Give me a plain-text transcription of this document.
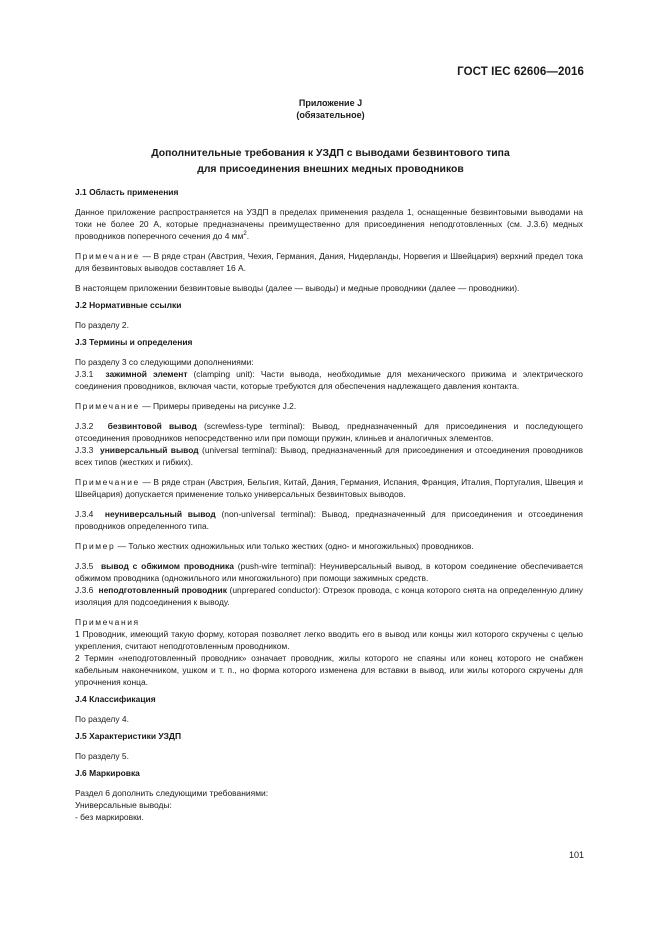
ГОСТ IEC 62606—2016
Приложение J
(обязательное)
Дополнительные требования к УЗДП с выводами безвинтового типа
для присоединения внешних медных проводников

J.1 Область применения

Данное приложение распространяется на УЗДП в пределах применения раздела 1, оснащенные безвинтовыми выводами на токи не более 20 А, которые предназначены преимущественно для присоединения неподготовленных (см. J.3.6) медных проводников поперечного сечения до 4 $мм^2$.

Примечание — В ряде стран (Австрия, Чехия, Германия, Дания, Нидерланды, Норвегия и Швейцария) верхний предел тока для безвинтовых выводов составляет 16 А.

В настоящем приложении безвинтовые выводы (далее — выводы) и медные проводники (далее — проводники).

J.2 Нормативные ссылки

По разделу 2.

J.3 Термины и определения

По разделу 3 со следующими дополнениями:

J.3.1 зажимной элемент (clamping unit): Части вывода, необходимые для механического прижима и электрического соединения проводников, включая части, которые требуются для обеспечения надлежащего давления контакта.

Примечание — Примеры приведены на рисунке J.2.

J.3.2 безвинтовой вывод (screwless-type terminal): Вывод, предназначенный для присоединения и последующего отсоединения проводников непосредственно или при помощи пружин, клиньев и аналогичных элементов.

J.3.3 универсальный вывод (universal terminal): Вывод, предназначенный для присоединения и отсоединения проводников всех типов (жестких и гибких).

Примечание — В ряде стран (Австрия, Бельгия, Китай, Дания, Германия, Испания, Франция, Италия, Португалия, Швеция и Швейцария) допускается применение только универсальных безвинтовых выводов.

J.3.4 неуниверсальный вывод (non-universal terminal): Вывод, предназначенный для присоединения и отсоединения проводников определенного типа.

Пример — Только жестких одножильных или только жестких (одно- и многожильных) проводников.

J.3.5 вывод с обжимом проводника (push-wire terminal): Неуниверсальный вывод, в котором соединение обеспечивается обжимом проводника (одножильного или многожильного) при помощи зажимных средств.

J.3.6 неподготовленный проводник (unprepared conductor): Отрезок провода, с конца которого снята на определенную длину изоляция для подсоединения к выводу.

Примечания

1 Проводник, имеющий такую форму, которая позволяет легко вводить его в вывод или концы жил которого скручены с целью укрепления, считают неподготовленным проводником.

2 Термин «неподготовленный проводник» означает проводник, жилы которого не спаяны или конец которого не снабжен кабельным наконечником, ушком и т. п., но форма которого изменена для вставки в вывод, или жилы которого скручены для упрочнения конца.

J.4 Классификация

По разделу 4.

J.5 Характеристики УЗДП

По разделу 5.

J.6 Маркировка

Раздел 6 дополнить следующими требованиями:

Универсальные выводы:

- без маркировки.

101
